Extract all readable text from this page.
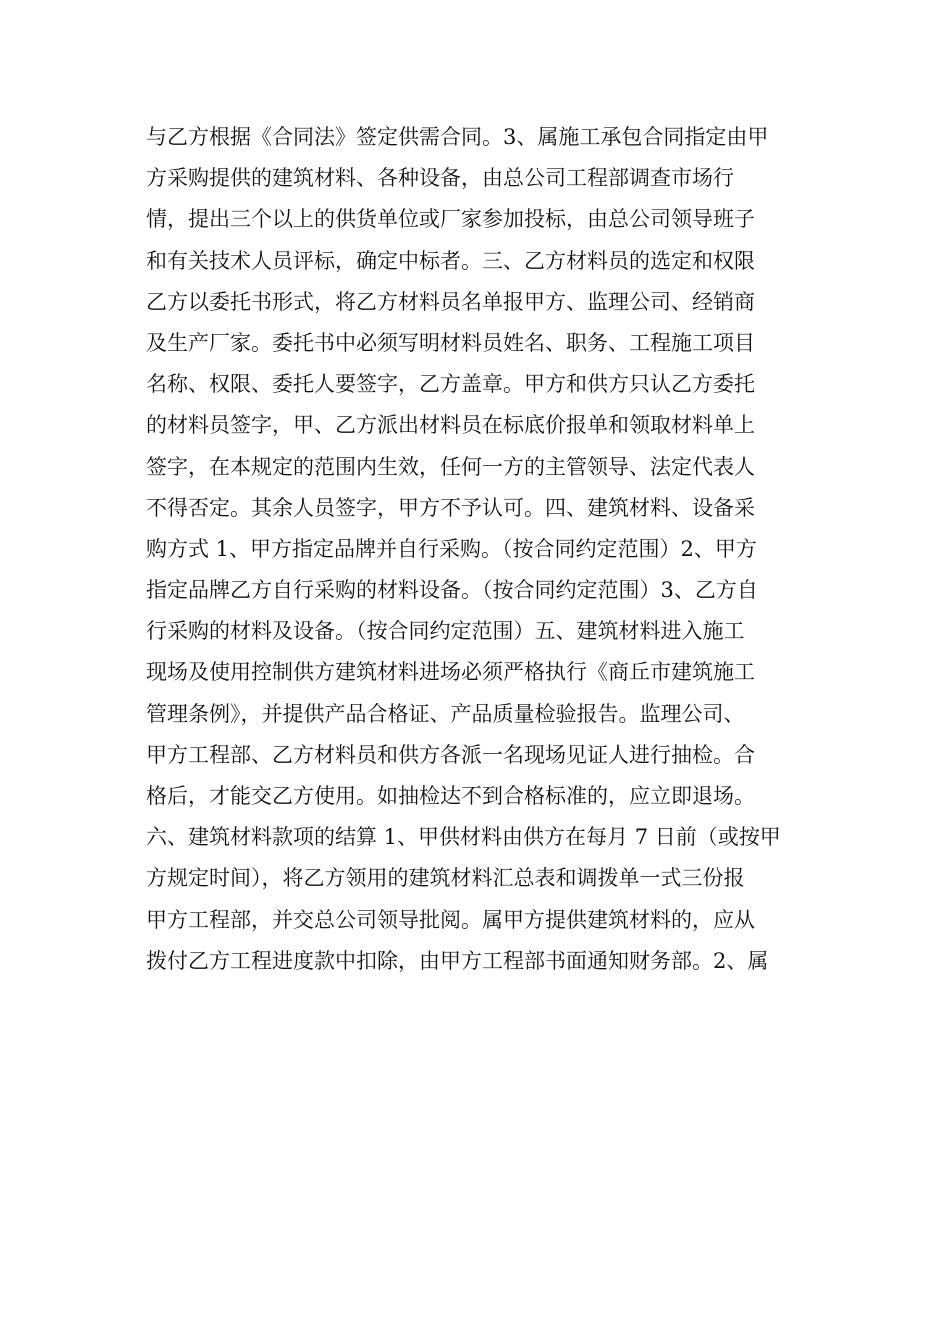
与乙方根据《合同法》签定供需合同。3、属施工承包合同指定由甲
方采购提供的建筑材料、各种设备，由总公司工程部调查市场行
情，提出三个以上的供货单位或厂家参加投标，由总公司领导班子
和有关技术人员评标，确定中标者。三、乙方材料员的选定和权限
乙方以委托书形式，将乙方材料员名单报甲方、监理公司、经销商
及生产厂家。委托书中必须写明材料员姓名、职务、工程施工项目
名称、权限、委托人要签字，乙方盖章。甲方和供方只认乙方委托
的材料员签字，甲、乙方派出材料员在标底价报单和领取材料单上
签字，在本规定的范围内生效，任何一方的主管领导、法定代表人
不得否定。其余人员签字，甲方不予认可。四、建筑材料、设备采
购方式 1、甲方指定品牌并自行采购。（按合同约定范围）2、甲方
指定品牌乙方自行采购的材料设备。（按合同约定范围）3、乙方自
行采购的材料及设备。（按合同约定范围）五、建筑材料进入施工
现场及使用控制供方建筑材料进场必须严格执行《商丘市建筑施工
管理条例》，并提供产品合格证、产品质量检验报告。监理公司、
甲方工程部、乙方材料员和供方各派一名现场见证人进行抽检。合
格后，才能交乙方使用。如抽检达不到合格标准的，应立即退场。
六、建筑材料款项的结算 1、甲供材料由供方在每月 7 日前（或按甲
方规定时间），将乙方领用的建筑材料汇总表和调拨单一式三份报
甲方工程部，并交总公司领导批阅。属甲方提供建筑材料的，应从
拨付乙方工程进度款中扣除，由甲方工程部书面通知财务部。2、属
